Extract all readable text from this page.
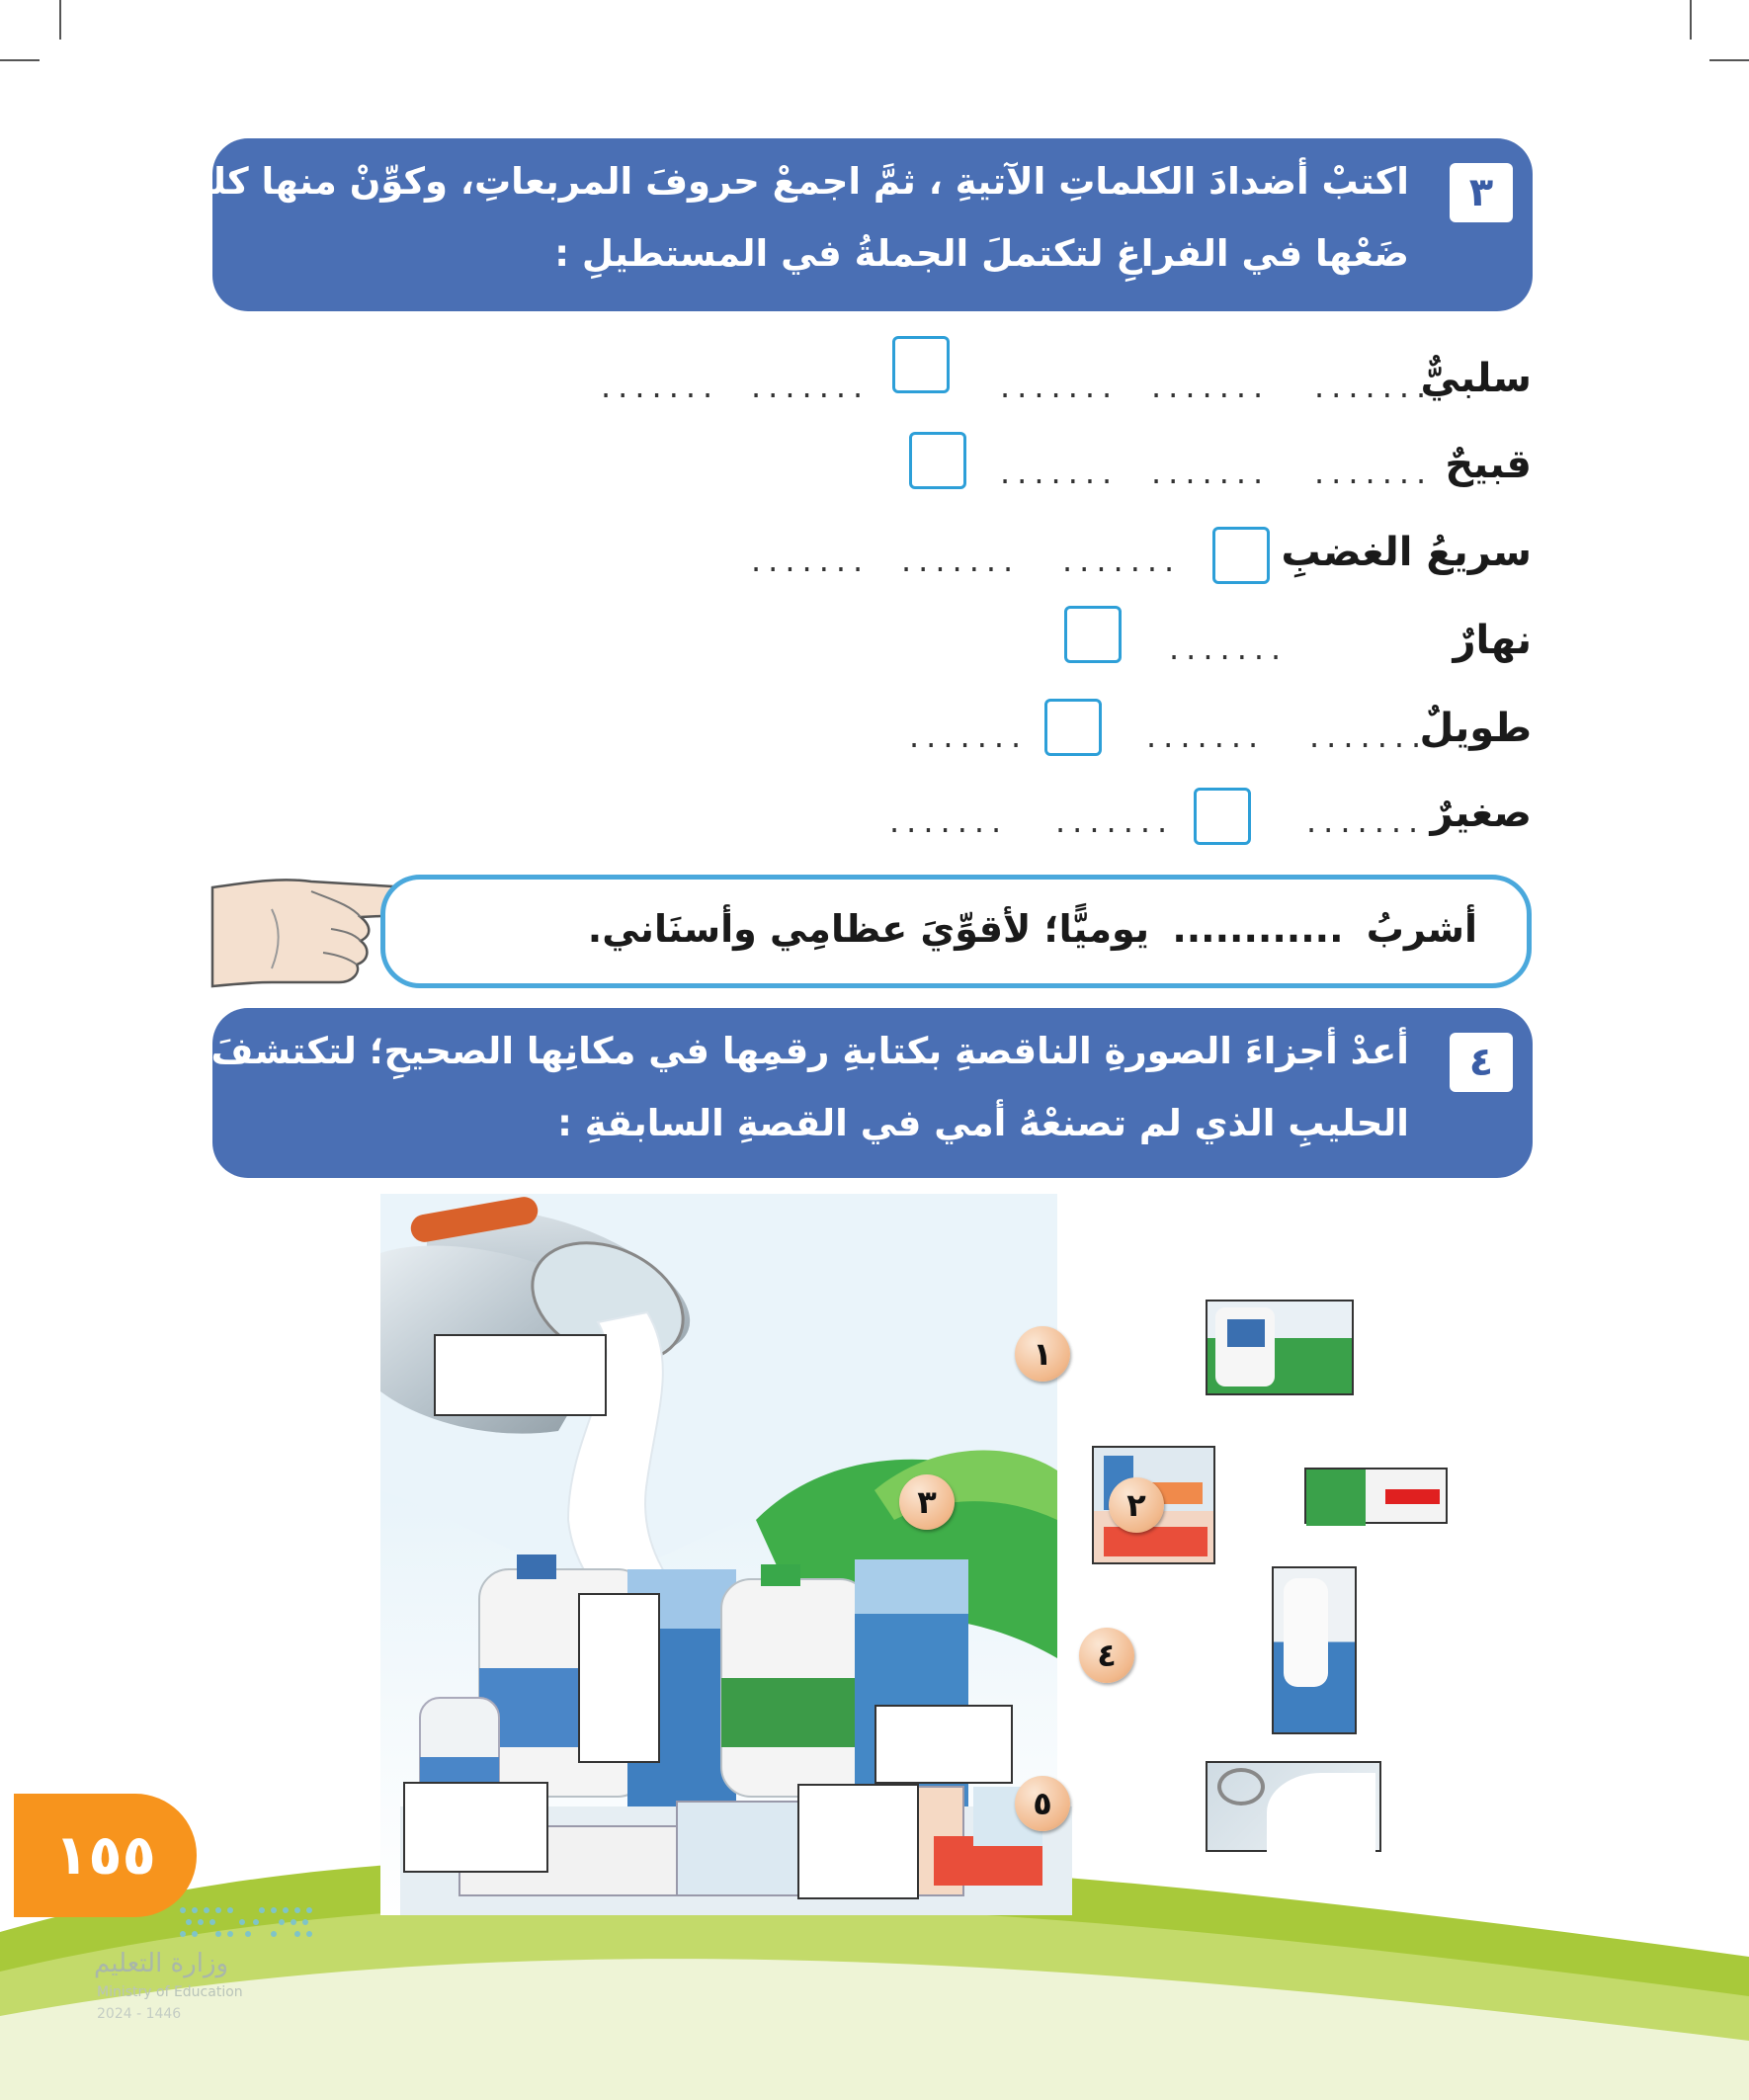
٣
اكتبْ أضدادَ الكلماتِ الآتيةِ ، ثمَّ اجمعْ حروفَ المربعاتِ، وكوِّنْ منها كلمةً، ثمَ
ضَعْها في الفراغِ لتكتملَ الجملةُ في المستطيلِ :
سلبيٌّ
.......
.......
.......
.......
.......
قبيحٌ
.......
.......
.......
سريعُ الغضبِ
.......
.......
.......
نهارٌ
.......
طويلٌ
.......
.......
.......
صغيرٌ
.......
.......
.......
أشربُ ............ يوميًّا؛ لأقوِّيَ عظامِي وأسنَاني.
٤
أعدْ أجزاءَ الصورةِ الناقصةِ بكتابةِ رقمِها في مكانِها الصحيحِ؛ لتكتشفَ منتجَ
الحليبِ الذي لم تصنعْهُ أمي في القصةِ السابقةِ :
١
٢
٣
٤
٥
١٥٥
وزارة التعليم
Ministry of Education
2024 - 1446
